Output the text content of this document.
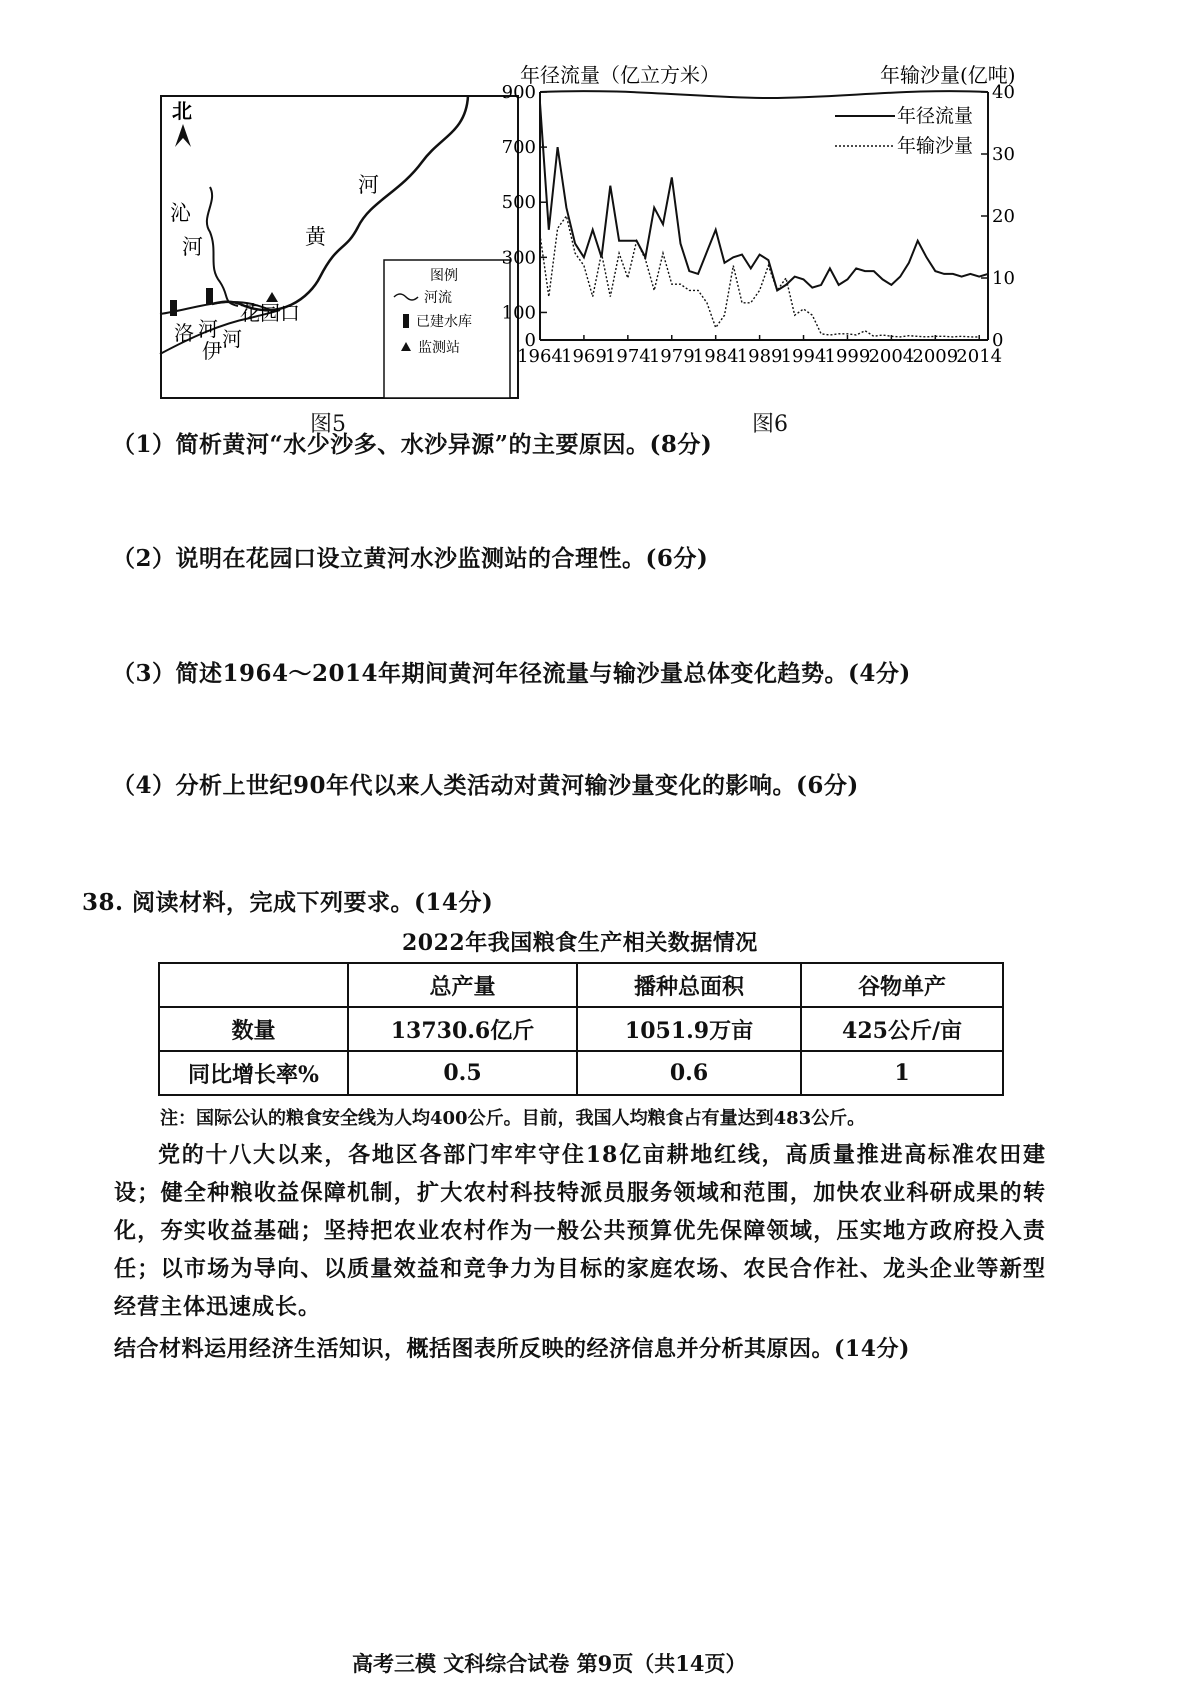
北
沁
河
河
黄
花园口
洛 河
伊 河
图例
河流
已建水库
监测站
图5
年径流量（亿立方米）	年输沙量(亿吨)
0
100
300
500
700
900
0
10
20
30
40
1964
1969
1974
1979
1984
1989
1994
1999
2004
2009
2014
年径流量
年输沙量
图6
（1）简析黄河“水少沙多、水沙异源”的主要原因。(8分)
（2）说明在花园口设立黄河水沙监测站的合理性。(6分)
（3）简述1964～2014年期间黄河年径流量与输沙量总体变化趋势。(4分)
（4）分析上世纪90年代以来人类活动对黄河输沙量变化的影响。(6分)
38. 阅读材料，完成下列要求。(14分)
2022年我国粮食生产相关数据情况
	总产量	播种总面积	谷物单产
数量	13730.6亿斤	1051.9万亩	425公斤/亩
同比增长率%	0.5	0.6	1
注：国际公认的粮食安全线为人均400公斤。目前，我国人均粮食占有量达到483公斤。
党的十八大以来，各地区各部门牢牢守住18亿亩耕地红线，高质量推进高标准农田建设；健全种粮收益保障机制，扩大农村科技特派员服务领域和范围，加快农业科研成果的转化，夯实收益基础；坚持把农业农村作为一般公共预算优先保障领域，压实地方政府投入责任；以市场为导向、以质量效益和竞争力为目标的家庭农场、农民合作社、龙头企业等新型经营主体迅速成长。
结合材料运用经济生活知识，概括图表所反映的经济信息并分析其原因。(14分)
高考三模 文科综合试卷 第9页（共14页）
